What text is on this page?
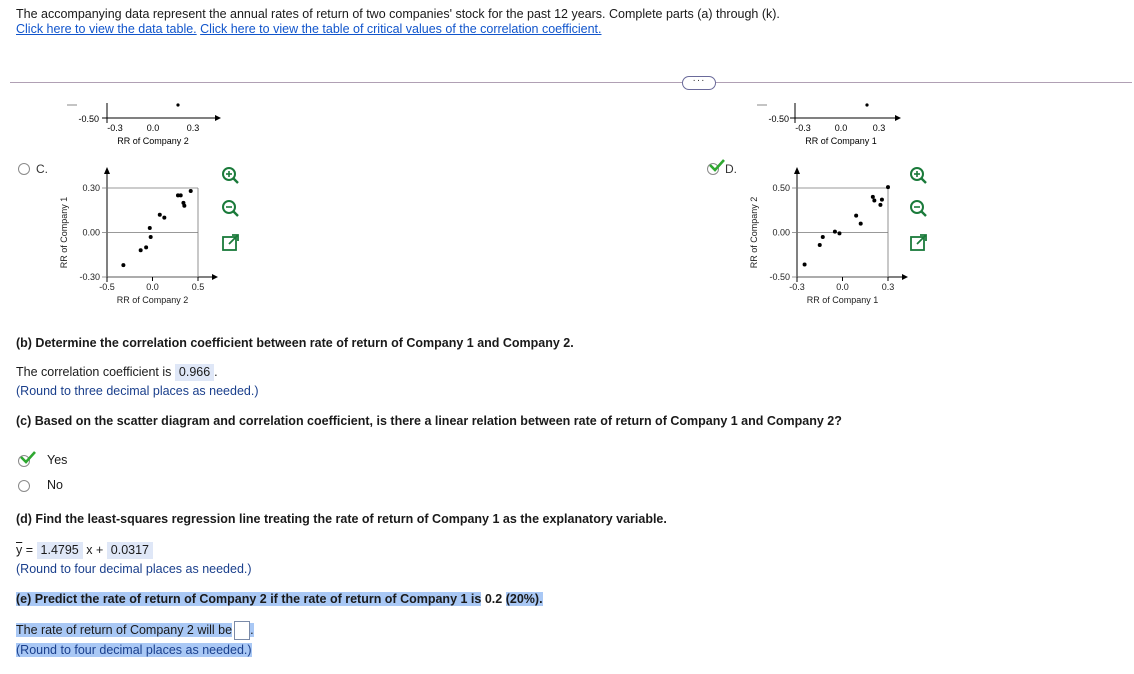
The accompanying data represent the annual rates of return of two companies' stock for the past 12 years. Complete parts (a) through (k).
Click here to view the data table. Click here to view the table of critical values of the correlation coefficient.
···
-0.50
-0.3	0.0	0.3
RR of Company 2
-0.50
-0.3	0.0	0.3
RR of Company 1
C.
0.30
0.00
-0.30
-0.5	0.0	0.5
RR of Company 2
RR of Company 1
D.
0.50
0.00
-0.50
-0.3	0.0	0.3
RR of Company 1
RR of Company 2
(b) Determine the correlation coefficient between rate of return of Company 1 and Company 2.
The correlation coefficient is 0.966 .
(Round to three decimal places as needed.)
(c) Based on the scatter diagram and correlation coefficient, is there a linear relation between rate of return of Company 1 and Company 2?
Yes
No
(d) Find the least-squares regression line treating the rate of return of Company 1 as the explanatory variable.
$\overline{y} = 1.4795$ x + 0.0317
(Round to four decimal places as needed.)
(e) Predict the rate of return of Company 2 if the rate of return of Company 1 is 0.2 (20%).
The rate of return of Company 2 will be .
(Round to four decimal places as needed.)
